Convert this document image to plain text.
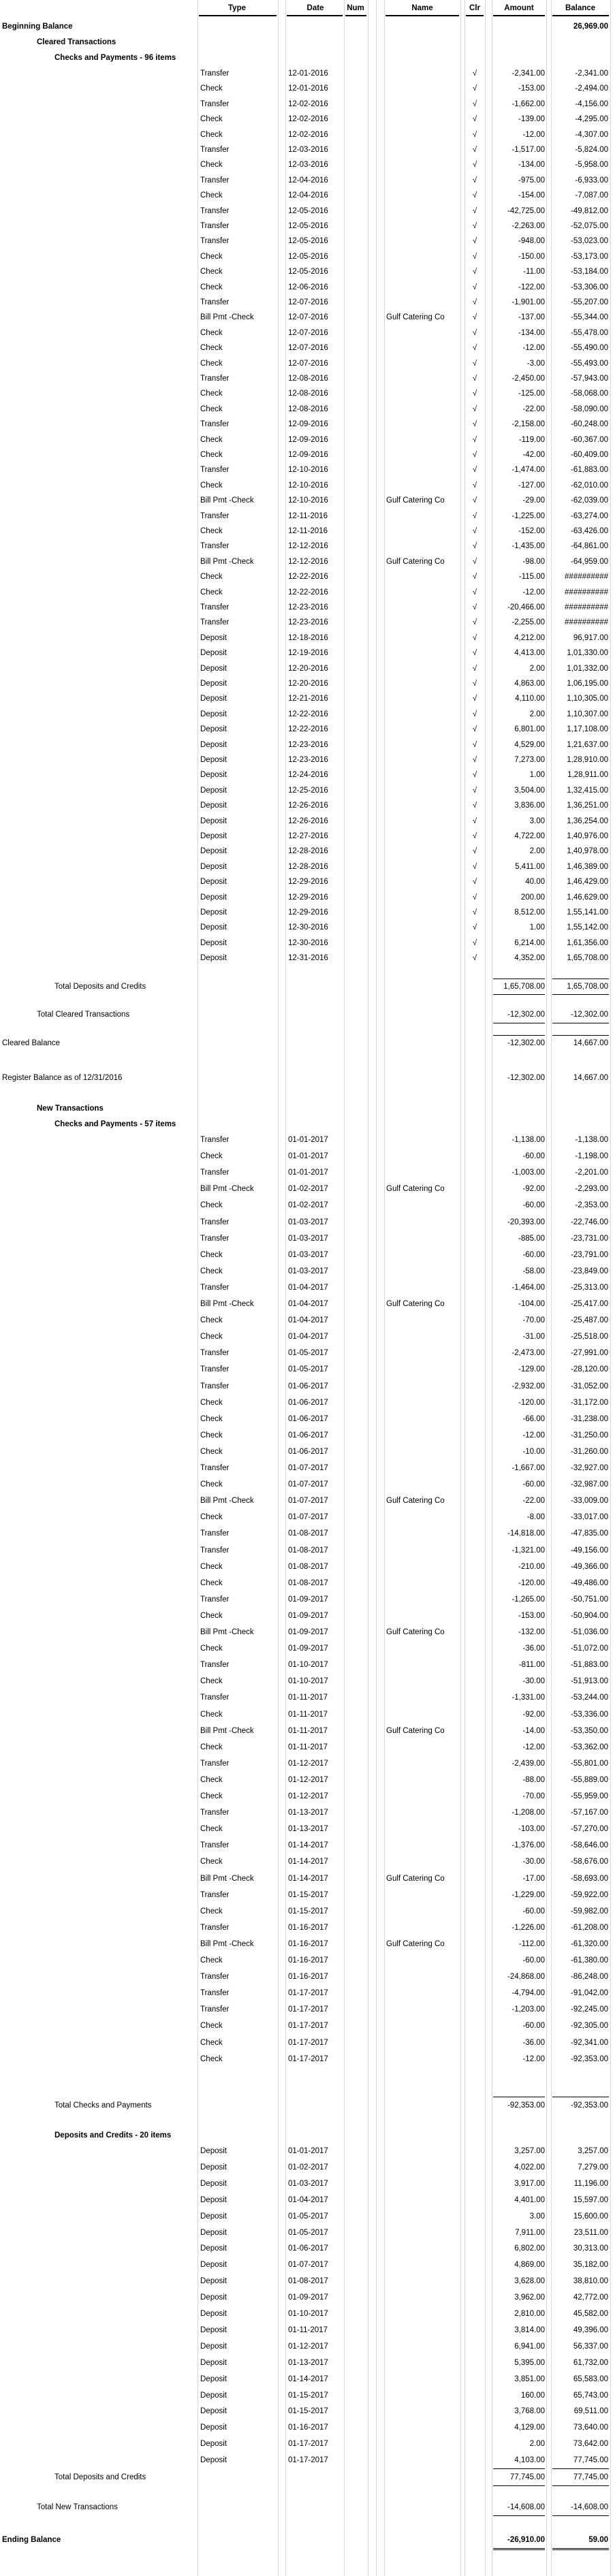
Type	Date	Num	Name	Clr	Amount	Balance
Beginning Balance	26,969.00
Cleared Transactions
Checks and Payments - 96 items
Transfer	12-01-2016	√	-2,341.00	-2,341.00
Check	12-01-2016	√	-153.00	-2,494.00
Transfer	12-02-2016	√	-1,662.00	-4,156.00
Check	12-02-2016	√	-139.00	-4,295.00
Check	12-02-2016	√	-12.00	-4,307.00
Transfer	12-03-2016	√	-1,517.00	-5,824.00
Check	12-03-2016	√	-134.00	-5,958.00
Transfer	12-04-2016	√	-975.00	-6,933.00
Check	12-04-2016	√	-154.00	-7,087.00
Transfer	12-05-2016	√	-42,725.00	-49,812.00
Transfer	12-05-2016	√	-2,263.00	-52,075.00
Transfer	12-05-2016	√	-948.00	-53,023.00
Check	12-05-2016	√	-150.00	-53,173.00
Check	12-05-2016	√	-11.00	-53,184.00
Check	12-06-2016	√	-122.00	-53,306.00
Transfer	12-07-2016	√	-1,901.00	-55,207.00
Bill Pmt -Check	12-07-2016	Gulf Catering Co	√	-137.00	-55,344.00
Check	12-07-2016	√	-134.00	-55,478.00
Check	12-07-2016	√	-12.00	-55,490.00
Check	12-07-2016	√	-3.00	-55,493.00
Transfer	12-08-2016	√	-2,450.00	-57,943.00
Check	12-08-2016	√	-125.00	-58,068.00
Check	12-08-2016	√	-22.00	-58,090.00
Transfer	12-09-2016	√	-2,158.00	-60,248.00
Check	12-09-2016	√	-119.00	-60,367.00
Check	12-09-2016	√	-42.00	-60,409.00
Transfer	12-10-2016	√	-1,474.00	-61,883.00
Check	12-10-2016	√	-127.00	-62,010.00
Bill Pmt -Check	12-10-2016	Gulf Catering Co	√	-29.00	-62,039.00
Transfer	12-11-2016	√	-1,225.00	-63,274.00
Check	12-11-2016	√	-152.00	-63,426.00
Transfer	12-12-2016	√	-1,435.00	-64,861.00
Bill Pmt -Check	12-12-2016	Gulf Catering Co	√	-98.00	-64,959.00
Check	12-22-2016	√	-115.00	##########
Check	12-22-2016	√	-12.00	##########
Transfer	12-23-2016	√	-20,466.00	##########
Transfer	12-23-2016	√	-2,255.00	##########
Deposit	12-18-2016	√	4,212.00	96,917.00
Deposit	12-19-2016	√	4,413.00	1,01,330.00
Deposit	12-20-2016	√	2.00	1,01,332.00
Deposit	12-20-2016	√	4,863.00	1,06,195.00
Deposit	12-21-2016	√	4,110.00	1,10,305.00
Deposit	12-22-2016	√	2.00	1,10,307.00
Deposit	12-22-2016	√	6,801.00	1,17,108.00
Deposit	12-23-2016	√	4,529.00	1,21,637.00
Deposit	12-23-2016	√	7,273.00	1,28,910.00
Deposit	12-24-2016	√	1.00	1,28,911.00
Deposit	12-25-2016	√	3,504.00	1,32,415.00
Deposit	12-26-2016	√	3,836.00	1,36,251.00
Deposit	12-26-2016	√	3.00	1,36,254.00
Deposit	12-27-2016	√	4,722.00	1,40,976.00
Deposit	12-28-2016	√	2.00	1,40,978.00
Deposit	12-28-2016	√	5,411.00	1,46,389.00
Deposit	12-29-2016	√	40.00	1,46,429.00
Deposit	12-29-2016	√	200.00	1,46,629.00
Deposit	12-29-2016	√	8,512.00	1,55,141.00
Deposit	12-30-2016	√	1.00	1,55,142.00
Deposit	12-30-2016	√	6,214.00	1,61,356.00
Deposit	12-31-2016	√	4,352.00	1,65,708.00
Total Deposits and Credits	1,65,708.00	1,65,708.00
Total Cleared Transactions	-12,302.00	-12,302.00
Cleared Balance	-12,302.00	14,667.00
Register Balance as of 12/31/2016	-12,302.00	14,667.00
New Transactions
Checks and Payments - 57 items
Transfer	01-01-2017	-1,138.00	-1,138.00
Check	01-01-2017	-60.00	-1,198.00
Transfer	01-01-2017	-1,003.00	-2,201.00
Bill Pmt -Check	01-02-2017	Gulf Catering Co	-92.00	-2,293.00
Check	01-02-2017	-60.00	-2,353.00
Transfer	01-03-2017	-20,393.00	-22,746.00
Transfer	01-03-2017	-885.00	-23,731.00
Check	01-03-2017	-60.00	-23,791.00
Check	01-03-2017	-58.00	-23,849.00
Transfer	01-04-2017	-1,464.00	-25,313.00
Bill Pmt -Check	01-04-2017	Gulf Catering Co	-104.00	-25,417.00
Check	01-04-2017	-70.00	-25,487.00
Check	01-04-2017	-31.00	-25,518.00
Transfer	01-05-2017	-2,473.00	-27,991.00
Transfer	01-05-2017	-129.00	-28,120.00
Transfer	01-06-2017	-2,932.00	-31,052.00
Check	01-06-2017	-120.00	-31,172.00
Check	01-06-2017	-66.00	-31,238.00
Check	01-06-2017	-12.00	-31,250.00
Check	01-06-2017	-10.00	-31,260.00
Transfer	01-07-2017	-1,667.00	-32,927.00
Check	01-07-2017	-60.00	-32,987.00
Bill Pmt -Check	01-07-2017	Gulf Catering Co	-22.00	-33,009.00
Check	01-07-2017	-8.00	-33,017.00
Transfer	01-08-2017	-14,818.00	-47,835.00
Transfer	01-08-2017	-1,321.00	-49,156.00
Check	01-08-2017	-210.00	-49,366.00
Check	01-08-2017	-120.00	-49,486.00
Transfer	01-09-2017	-1,265.00	-50,751.00
Check	01-09-2017	-153.00	-50,904.00
Bill Pmt -Check	01-09-2017	Gulf Catering Co	-132.00	-51,036.00
Check	01-09-2017	-36.00	-51,072.00
Transfer	01-10-2017	-811.00	-51,883.00
Check	01-10-2017	-30.00	-51,913.00
Transfer	01-11-2017	-1,331.00	-53,244.00
Check	01-11-2017	-92.00	-53,336.00
Bill Pmt -Check	01-11-2017	Gulf Catering Co	-14.00	-53,350.00
Check	01-11-2017	-12.00	-53,362.00
Transfer	01-12-2017	-2,439.00	-55,801.00
Check	01-12-2017	-88.00	-55,889.00
Check	01-12-2017	-70.00	-55,959.00
Transfer	01-13-2017	-1,208.00	-57,167.00
Check	01-13-2017	-103.00	-57,270.00
Transfer	01-14-2017	-1,376.00	-58,646.00
Check	01-14-2017	-30.00	-58,676.00
Bill Pmt -Check	01-14-2017	Gulf Catering Co	-17.00	-58,693.00
Transfer	01-15-2017	-1,229.00	-59,922.00
Check	01-15-2017	-60.00	-59,982.00
Transfer	01-16-2017	-1,226.00	-61,208.00
Bill Pmt -Check	01-16-2017	Gulf Catering Co	-112.00	-61,320.00
Check	01-16-2017	-60.00	-61,380.00
Transfer	01-16-2017	-24,868.00	-86,248.00
Transfer	01-17-2017	-4,794.00	-91,042.00
Transfer	01-17-2017	-1,203.00	-92,245.00
Check	01-17-2017	-60.00	-92,305.00
Check	01-17-2017	-36.00	-92,341.00
Check	01-17-2017	-12.00	-92,353.00
Total Checks and Payments	-92,353.00	-92,353.00
Deposits and Credits - 20 items
Deposit	01-01-2017	3,257.00	3,257.00
Deposit	01-02-2017	4,022.00	7,279.00
Deposit	01-03-2017	3,917.00	11,196.00
Deposit	01-04-2017	4,401.00	15,597.00
Deposit	01-05-2017	3.00	15,600.00
Deposit	01-05-2017	7,911.00	23,511.00
Deposit	01-06-2017	6,802.00	30,313.00
Deposit	01-07-2017	4,869.00	35,182.00
Deposit	01-08-2017	3,628.00	38,810.00
Deposit	01-09-2017	3,962.00	42,772.00
Deposit	01-10-2017	2,810.00	45,582.00
Deposit	01-11-2017	3,814.00	49,396.00
Deposit	01-12-2017	6,941.00	56,337.00
Deposit	01-13-2017	5,395.00	61,732.00
Deposit	01-14-2017	3,851.00	65,583.00
Deposit	01-15-2017	160.00	65,743.00
Deposit	01-15-2017	3,768.00	69,511.00
Deposit	01-16-2017	4,129.00	73,640.00
Deposit	01-17-2017	2.00	73,642.00
Deposit	01-17-2017	4,103.00	77,745.00
Total Deposits and Credits	77,745.00	77,745.00
Total New Transactions	-14,608.00	-14,608.00
Ending Balance	-26,910.00	59.00
